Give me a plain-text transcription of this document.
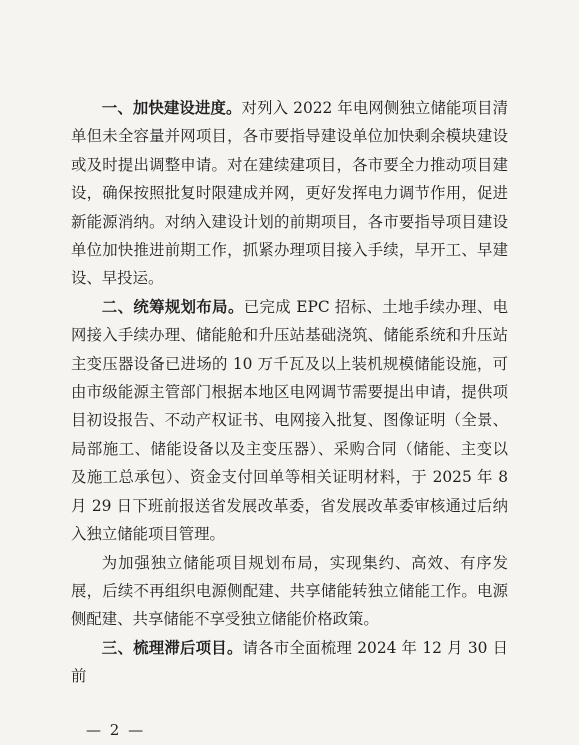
一、加快建设进度。对列入 2022 年电网侧独立储能项目清单但未全容量并网项目，各市要指导建设单位加快剩余模块建设或及时提出调整申请。对在建续建项目，各市要全力推动项目建设，确保按照批复时限建成并网，更好发挥电力调节作用，促进新能源消纳。对纳入建设计划的前期项目，各市要指导项目建设单位加快推进前期工作，抓紧办理项目接入手续，早开工、早建设、早投运。

二、统筹规划布局。已完成 EPC 招标、土地手续办理、电网接入手续办理、储能舱和升压站基础浇筑、储能系统和升压站主变压器设备已进场的 10 万千瓦及以上装机规模储能设施，可由市级能源主管部门根据本地区电网调节需要提出申请，提供项目初设报告、不动产权证书、电网接入批复、图像证明（全景、局部施工、储能设备以及主变压器）、采购合同（储能、主变以及施工总承包）、资金支付回单等相关证明材料，于 2025 年 8 月 29 日下班前报送省发展改革委，省发展改革委审核通过后纳入独立储能项目管理。

为加强独立储能项目规划布局，实现集约、高效、有序发展，后续不再组织电源侧配建、共享储能转独立储能工作。电源侧配建、共享储能不享受独立储能价格政策。

三、梳理滞后项目。请各市全面梳理 2024 年 12 月 30 日前

— 2 —
